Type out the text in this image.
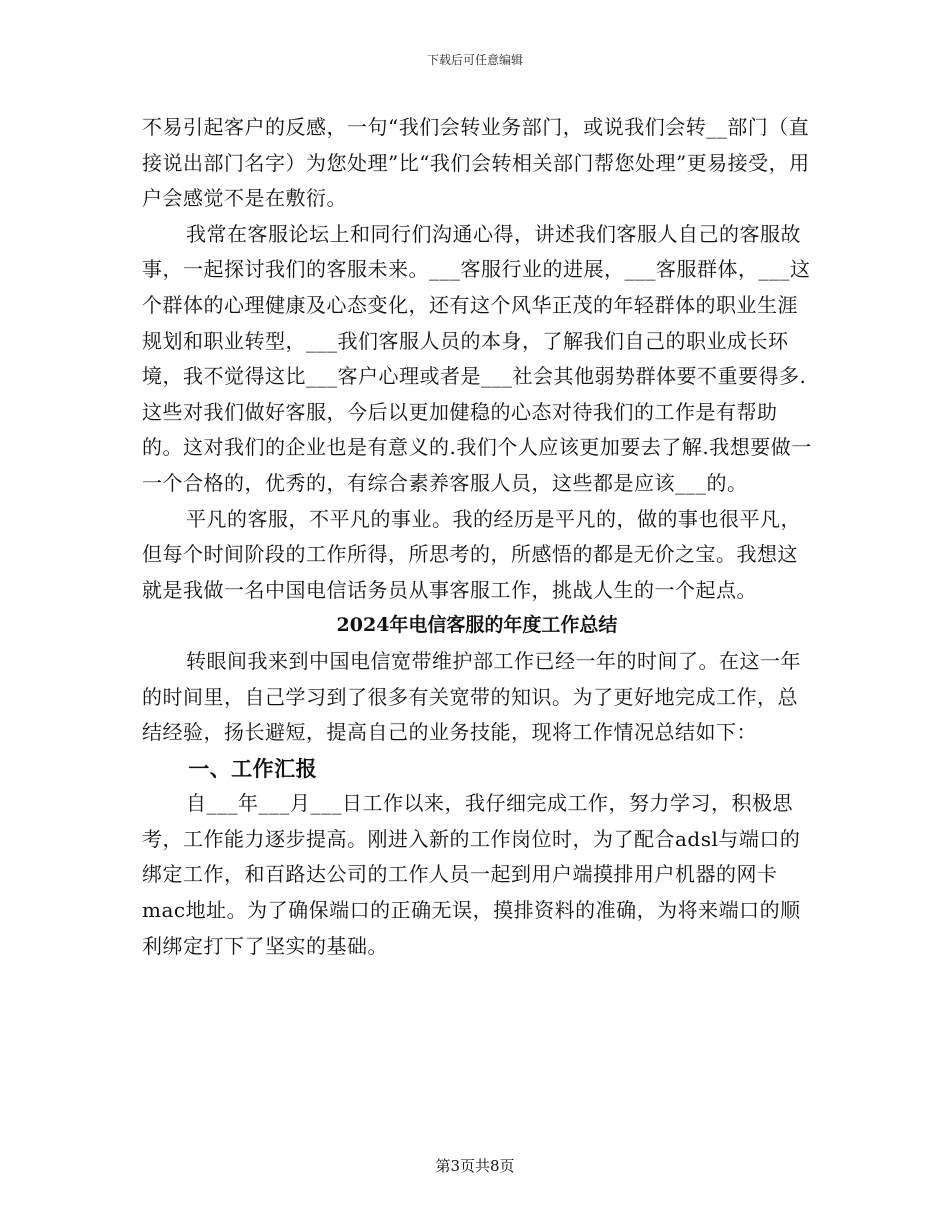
下载后可任意编辑

不易引起客户的反感，一句“我们会转业务部门，或说我们会转__部门（直接说出部门名字）为您处理”比“我们会转相关部门帮您处理”更易接受，用户会感觉不是在敷衍。

我常在客服论坛上和同行们沟通心得，讲述我们客服人自己的客服故事，一起探讨我们的客服未来。___客服行业的进展，___客服群体，___这个群体的心理健康及心态变化，还有这个风华正茂的年轻群体的职业生涯规划和职业转型，___我们客服人员的本身，了解我们自己的职业成长环境，我不觉得这比___客户心理或者是___社会其他弱势群体要不重要得多.这些对我们做好客服，今后以更加健稳的心态对待我们的工作是有帮助的。这对我们的企业也是有意义的.我们个人应该更加要去了解.我想要做一一个合格的，优秀的，有综合素养客服人员，这些都是应该___的。

平凡的客服，不平凡的事业。我的经历是平凡的，做的事也很平凡，但每个时间阶段的工作所得，所思考的，所感悟的都是无价之宝。我想这就是我做一名中国电信话务员从事客服工作，挑战人生的一个起点。

2024年电信客服的年度工作总结

转眼间我来到中国电信宽带维护部工作已经一年的时间了。在这一年的时间里，自己学习到了很多有关宽带的知识。为了更好地完成工作，总结经验，扬长避短，提高自己的业务技能，现将工作情况总结如下：

一、工作汇报

自___年___月___日工作以来，我仔细完成工作，努力学习，积极思考，工作能力逐步提高。刚进入新的工作岗位时，为了配合adsl与端口的绑定工作，和百路达公司的工作人员一起到用户端摸排用户机器的网卡mac地址。为了确保端口的正确无误，摸排资料的准确，为将来端口的顺利绑定打下了坚实的基础。

第3页共8页
